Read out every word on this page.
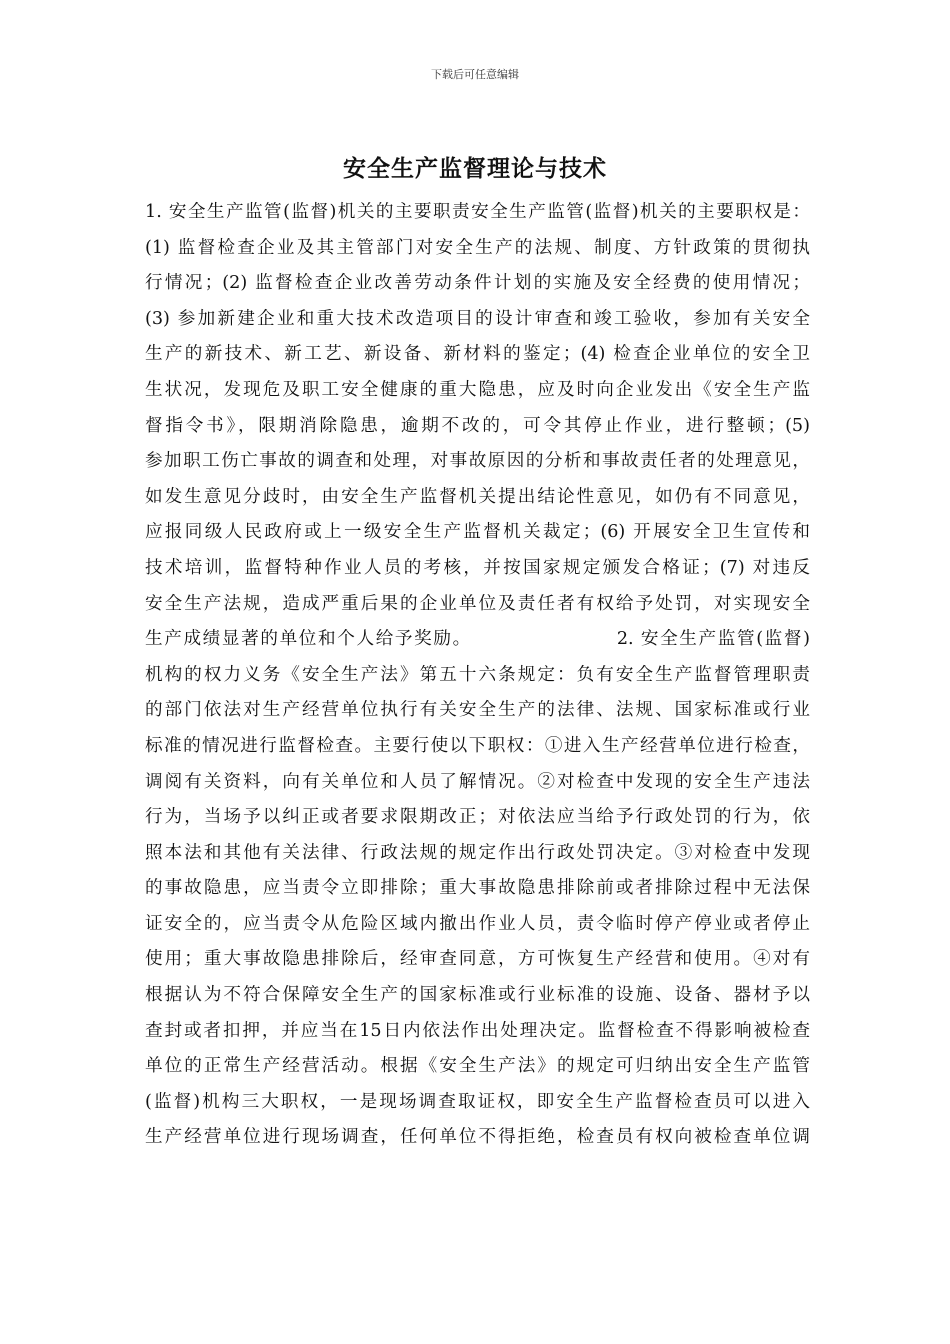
下载后可任意编辑
安全生产监督理论与技术
1. 安全生产监管(监督)机关的主要职责安全生产监管(监督)机关的主要职权是：
(1) 监督检查企业及其主管部门对安全生产的法规、制度、方针政策的贯彻执
行情况；(2) 监督检查企业改善劳动条件计划的实施及安全经费的使用情况；
(3) 参加新建企业和重大技术改造项目的设计审查和竣工验收，参加有关安全
生产的新技术、新工艺、新设备、新材料的鉴定；(4) 检查企业单位的安全卫
生状况，发现危及职工安全健康的重大隐患，应及时向企业发出《安全生产监
督指令书》，限期消除隐患，逾期不改的，可令其停止作业，进行整顿；(5)
参加职工伤亡事故的调查和处理，对事故原因的分析和事故责任者的处理意见，
如发生意见分歧时，由安全生产监督机关提出结论性意见，如仍有不同意见，
应报同级人民政府或上一级安全生产监督机关裁定；(6) 开展安全卫生宣传和
技术培训，监督特种作业人员的考核，并按国家规定颁发合格证；(7) 对违反
安全生产法规，造成严重后果的企业单位及责任者有权给予处罚，对实现安全
生产成绩显著的单位和个人给予奖励。　　　　　　　　2. 安全生产监管(监督)
机构的权力义务《安全生产法》第五十六条规定：负有安全生产监督管理职责
的部门依法对生产经营单位执行有关安全生产的法律、法规、国家标准或行业
标准的情况进行监督检查。主要行使以下职权：①进入生产经营单位进行检查，
调阅有关资料，向有关单位和人员了解情况。②对检查中发现的安全生产违法
行为，当场予以纠正或者要求限期改正；对依法应当给予行政处罚的行为，依
照本法和其他有关法律、行政法规的规定作出行政处罚决定。③对检查中发现
的事故隐患，应当责令立即排除；重大事故隐患排除前或者排除过程中无法保
证安全的，应当责令从危险区域内撤出作业人员，责令临时停产停业或者停止
使用；重大事故隐患排除后，经审查同意，方可恢复生产经营和使用。④对有
根据认为不符合保障安全生产的国家标准或行业标准的设施、设备、器材予以
查封或者扣押，并应当在15日内依法作出处理决定。监督检查不得影响被检查
单位的正常生产经营活动。根据《安全生产法》的规定可归纳出安全生产监管
(监督)机构三大职权，一是现场调查取证权，即安全生产监督检查员可以进入
生产经营单位进行现场调查，任何单位不得拒绝，检查员有权向被检查单位调
